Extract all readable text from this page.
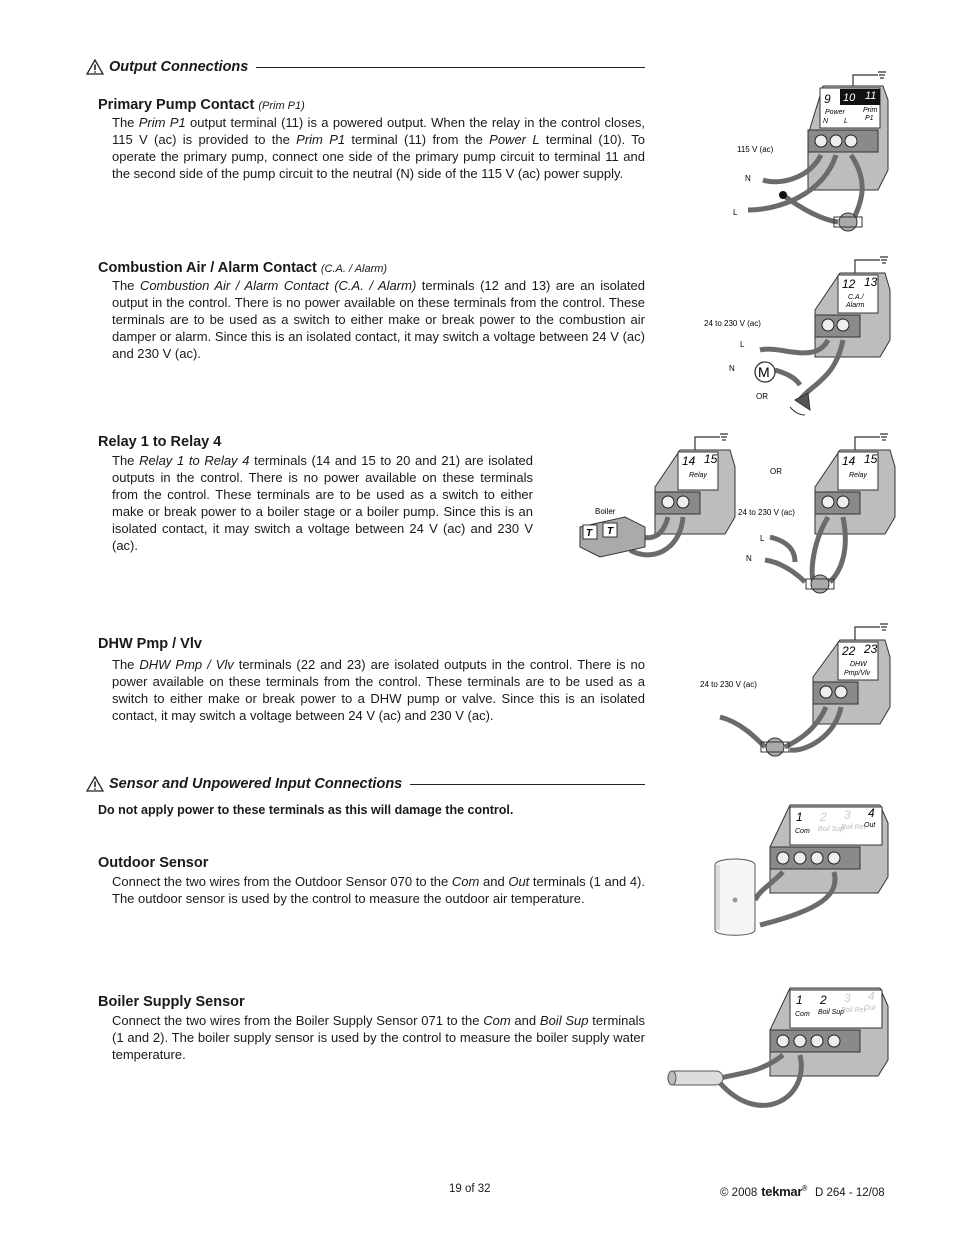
Output Connections
Primary Pump Contact (Prim P1)
The Prim P1 output terminal (11) is a powered output. When the relay in the control closes, 115 V (ac) is provided to the Prim P1 terminal (11) from the Power L terminal (10). To operate the primary pump, connect one side of the primary pump circuit to terminal 11 and the second side of the pump circuit to the neutral (N) side of the 115 V (ac) power supply.
9 10 11
Power
N L
Prim
P1
115 V (ac)
N
L
Combustion Air / Alarm Contact (C.A. / Alarm)
The Combustion Air / Alarm Contact (C.A. / Alarm) terminals (12 and 13) are an isolated output in the control. There is no power available on these terminals from the control. These terminals are to be used as a switch to either make or break power to the combustion air damper or alarm. Since this is an isolated contact, it may switch a voltage between 24 V (ac) and 230 V (ac).
12 13
C.A./
Alarm
M
24 to 230 V (ac)
L
N
OR
Relay 1 to Relay 4
The Relay 1 to Relay 4 terminals (14 and 15 to 20 and 21) are isolated outputs in the control. There is no power available on these terminals from the control. These terminals are to be used as a switch to either make or break power to a boiler stage or a boiler pump. Since this is an isolated contact, it may switch a voltage between 24 V (ac) and 230 V (ac).
14 15
Relay
T T
Boiler
OR
14 15
Relay
24 to 230 V (ac)
L
N
DHW Pmp / Vlv
The DHW Pmp / Vlv terminals (22 and 23) are isolated outputs in the control. There is no power available on these terminals from the control. These terminals are to be used as a switch to either make or break power to a DHW pump or valve. Since this is an isolated contact, it may switch a voltage between 24 V (ac) and 230 V (ac).
22 23
DHW
Pmp/Vlv
24 to 230 V (ac)
Sensor and Unpowered Input Connections
Do not apply power to these terminals as this will damage the control.
Outdoor Sensor
Connect the two wires from the Outdoor Sensor 070 to the Com and Out terminals (1 and 4). The outdoor sensor is used by the control to measure the outdoor air temperature.
1 2 3 4
Com Boil Sup
Boil Ret
Out
Boiler Supply Sensor
Connect the two wires from the Boiler Supply Sensor 071 to the Com and Boil Sup terminals (1 and 2). The boiler supply sensor is used by the control to measure the boiler supply water temperature.
1 2 3 4
Com Boil Sup
Boil Ret
Out
19 of 32	© 2008 tekmar® D 264 - 12/08
